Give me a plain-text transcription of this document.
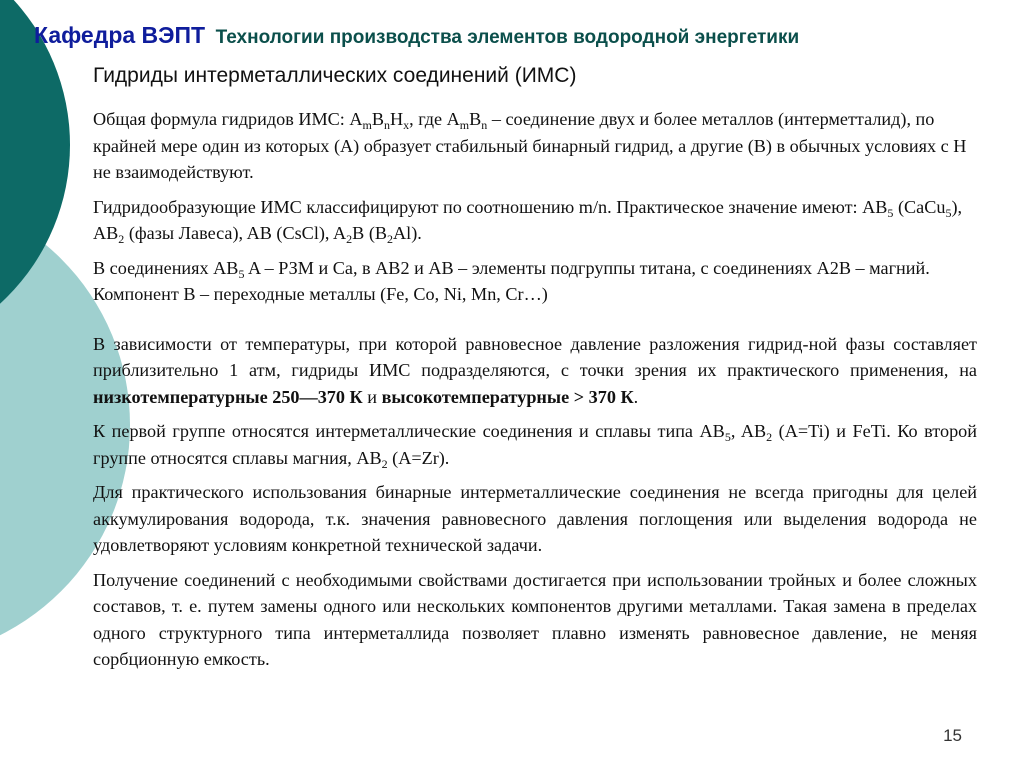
Кафедра ВЭПТ Технологии производства элементов водородной энергетики
Гидриды интерметаллических соединений (ИМС)

Общая формула гидридов ИМС: $A_mB_nH_x$, где $A_mB_n$ – соединение двух и более металлов (интерметталид), по крайней мере один из которых (A) образует стабильный бинарный гидрид, а другие (B) в обычных условиях с H не взаимодействуют.

Гидридообразующие ИМС классифицируют по соотношению m/n. Практическое значение имеют: $AB_5$ (CaCu$_5$), $AB_2$ (фазы Лавеса), AB (CsCl), $A_2B$ $(B_2Al)$.

В соединениях $AB_5$ A – РЗМ и Ca, в AB2 и AB – элементы подгруппы титана, с соединениях A2B – магний. Компонент B – переходные металлы (Fe, Co, Ni, Mn, Cr…)

В зависимости от температуры, при которой равновесное давление разложения гидрид-ной фазы составляет приблизительно 1 атм, гидриды ИМС подразделяются, с точки зрения их практического применения, на низкотемпературные 250—370 К и высокотемпературные > 370 К.

К первой группе относятся интерметаллические соединения и сплавы типа $AB_5$, $AB_2$ (A=Ti) и FeTi. Ко второй группе относятся сплавы магния, $AB_2$ (A=Zr).

Для практического использования бинарные интерметаллические соединения не всегда пригодны для целей аккумулирования водорода, т.к. значения равновесного давления поглощения или выделения водорода не удовлетворяют условиям конкретной технической задачи.

Получение соединений с необходимыми свойствами достигается при использовании тройных и более сложных составов, т. е. путем замены одного или нескольких компонентов другими металлами. Такая замена в пределах одного структурного типа интерметаллида позволяет плавно изменять равновесное давление, не меняя сорбционную емкость.

15
